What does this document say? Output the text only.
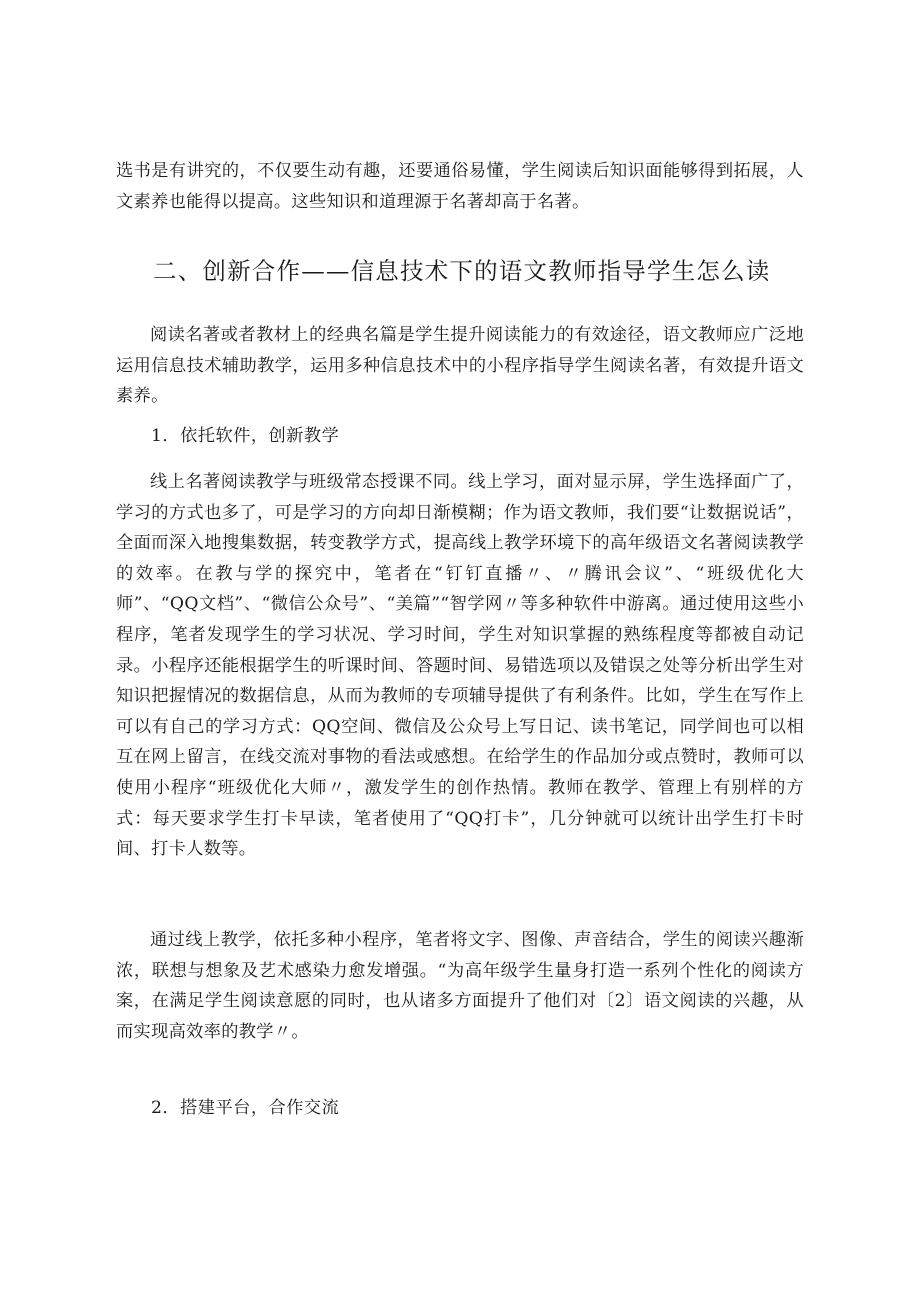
选书是有讲究的，不仅要生动有趣，还要通俗易懂，学生阅读后知识面能够得到拓展，人文素养也能得以提高。这些知识和道理源于名著却高于名著。

二、创新合作——信息技术下的语文教师指导学生怎么读

阅读名著或者教材上的经典名篇是学生提升阅读能力的有效途径，语文教师应广泛地运用信息技术辅助教学，运用多种信息技术中的小程序指导学生阅读名著，有效提升语文素养。

1．依托软件，创新教学

线上名著阅读教学与班级常态授课不同。线上学习，面对显示屏，学生选择面广了，学习的方式也多了，可是学习的方向却日渐模糊；作为语文教师，我们要“让数据说话”，全面而深入地搜集数据，转变教学方式，提高线上教学环境下的高年级语文名著阅读教学的效率。在教与学的探究中，笔者在“钉钉直播〃、〃腾讯会议”、“班级优化大师”、“QQ文档”、“微信公众号”、“美篇”“智学网〃等多种软件中游离。通过使用这些小程序，笔者发现学生的学习状况、学习时间，学生对知识掌握的熟练程度等都被自动记录。小程序还能根据学生的听课时间、答题时间、易错选项以及错误之处等分析出学生对知识把握情况的数据信息，从而为教师的专项辅导提供了有利条件。比如，学生在写作上可以有自己的学习方式：QQ空间、微信及公众号上写日记、读书笔记，同学间也可以相互在网上留言，在线交流对事物的看法或感想。在给学生的作品加分或点赞时，教师可以使用小程序“班级优化大师〃，激发学生的创作热情。教师在教学、管理上有别样的方式：每天要求学生打卡早读，笔者使用了“QQ打卡”，几分钟就可以统计出学生打卡时间、打卡人数等。

通过线上教学，依托多种小程序，笔者将文字、图像、声音结合，学生的阅读兴趣渐浓，联想与想象及艺术感染力愈发增强。“为高年级学生量身打造一系列个性化的阅读方案，在满足学生阅读意愿的同时，也从诸多方面提升了他们对〔2〕语文阅读的兴趣，从而实现高效率的教学〃。

2．搭建平台，合作交流
